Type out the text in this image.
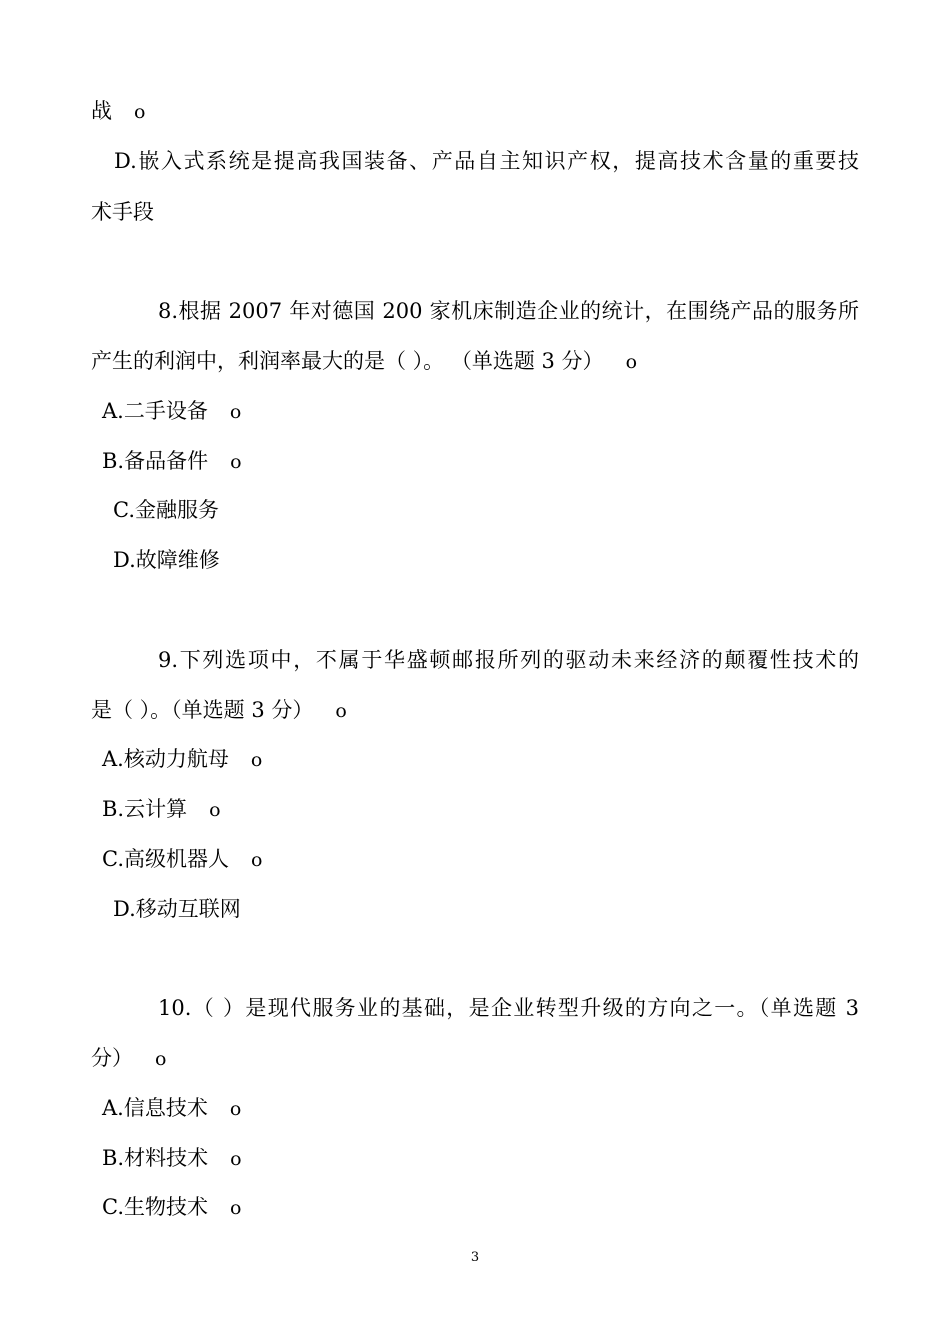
战 o
D.嵌入式系统是提高我国装备、产品自主知识产权，提高技术含量的重要技
术手段
8.根据 2007 年对德国 200 家机床制造企业的统计，在围绕产品的服务所
产生的利润中，利润率最大的是（ ）。 （单选题 3 分） o
A.二手设备 o
B.备品备件 o
C.金融服务
D.故障维修
9.下列选项中，不属于华盛顿邮报所列的驱动未来经济的颠覆性技术的
是（ ）。（单选题 3 分） o
A.核动力航母 o
B.云计算 o
C.高级机器人 o
D.移动互联网
10.（ ）是现代服务业的基础，是企业转型升级的方向之一。（单选题 3
分） o
A.信息技术 o
B.材料技术 o
C.生物技术 o
3
